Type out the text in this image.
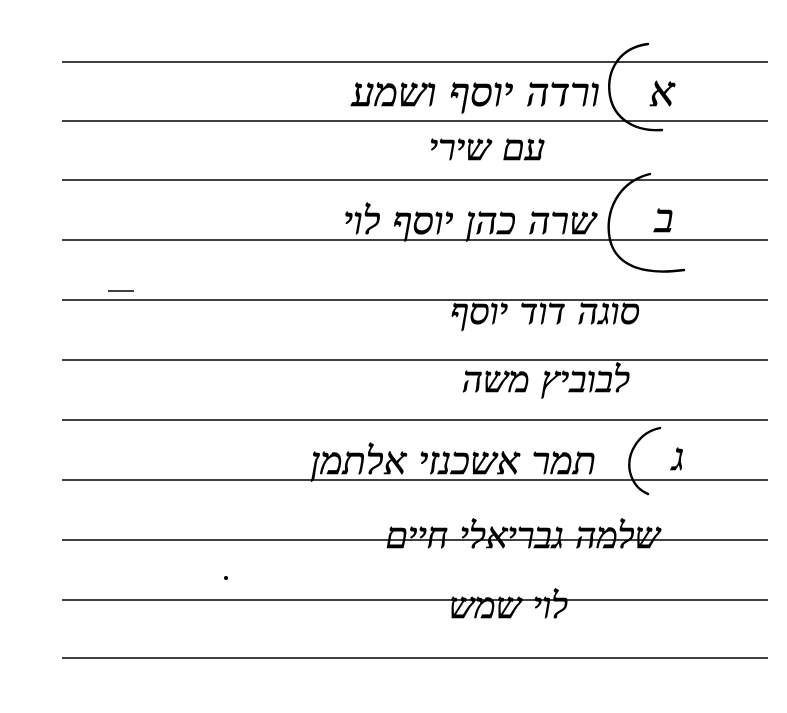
א
ורדה יוסף ושמע
עם שירי
ב
שרה כהן יוסף לוי
סוגה דוד יוסף
לבוביץ משה
ג
תמר אשכנזי אלתמן
שלמה גבריאלי חיים
לוי שמש
